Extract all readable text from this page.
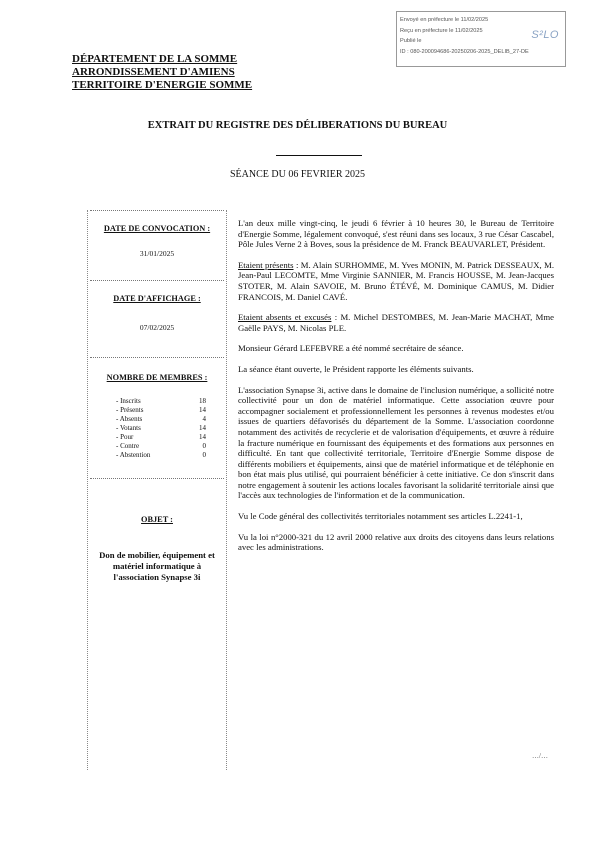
Envoyé en préfecture le 11/02/2025
Reçu en préfecture le 11/02/2025
Publié le
ID : 080-200094686-20250206-2025_DELIB_27-DE
S²LO
DÉPARTEMENT DE LA SOMME
ARRONDISSEMENT D'AMIENS
TERRITOIRE D'ENERGIE SOMME
EXTRAIT DU REGISTRE DES DÉLIBERATIONS DU BUREAU
SÉANCE DU 06 FEVRIER 2025
DATE DE CONVOCATION :
31/01/2025
DATE D'AFFICHAGE :
07/02/2025
NOMBRE DE MEMBRES :
- Inscrits	18
- Présents	14
- Absents	4
- Votants	14
- Pour	14
- Contre	0
- Abstention	0
OBJET :
Don de mobilier, équipement et matériel informatique à l'association Synapse 3i

L'an deux mille vingt-cinq, le jeudi 6 février à 10 heures 30, le Bureau de Territoire d'Energie Somme, légalement convoqué, s'est réuni dans ses locaux, 3 rue César Cascabel, Pôle Jules Verne 2 à Boves, sous la présidence de M. Franck BEAUVARLET, Président.

Etaient présents : M. Alain SURHOMME, M. Yves MONIN, M. Patrick DESSEAUX, M. Jean-Paul LECOMTE, Mme Virginie SANNIER, M. Francis HOUSSE, M. Jean-Jacques STOTER, M. Alain SAVOIE, M. Bruno ÉTÉVÉ, M. Dominique CAMUS, M. Didier FRANCOIS, M. Daniel CAVÉ.

Etaient absents et excusés : M. Michel DESTOMBES, M. Jean-Marie MACHAT, Mme Gaëlle PAYS, M. Nicolas PLE.

Monsieur Gérard LEFEBVRE a été nommé secrétaire de séance.

La séance étant ouverte, le Président rapporte les éléments suivants.

L'association Synapse 3i, active dans le domaine de l'inclusion numérique, a sollicité notre collectivité pour un don de matériel informatique. Cette association œuvre pour accompagner socialement et professionnellement les personnes à revenus modestes et/ou issues de quartiers défavorisés du département de la Somme. L'association coordonne notamment des activités de recyclerie et de valorisation d'équipements, et œuvre à réduire la fracture numérique en fournissant des équipements et des formations aux personnes en difficulté. En tant que collectivité territoriale, Territoire d'Energie Somme dispose de différents mobiliers et équipements, ainsi que de matériel informatique et de téléphonie en bon état mais plus utilisé, qui pourraient bénéficier à cette initiative. Ce don s'inscrit dans notre engagement à soutenir les actions locales favorisant la solidarité territoriale ainsi que l'accès aux technologies de l'information et de la communication.

Vu le Code général des collectivités territoriales notamment ses articles L.2241-1,

Vu la loi n°2000-321 du 12 avril 2000 relative aux droits des citoyens dans leurs relations avec les administrations.

…/…
